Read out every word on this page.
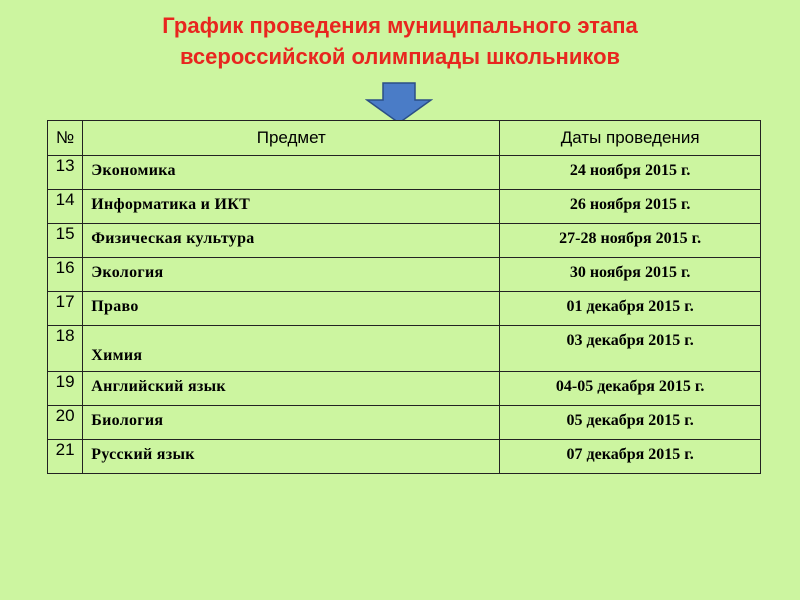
График проведения муниципального этапа
всероссийской олимпиады школьников
№	Предмет	Даты проведения
13	Экономика	24 ноября 2015 г.
14	Информатика и ИКТ	26 ноября 2015 г.
15	Физическая культура	27-28 ноября 2015 г.
16	Экология	30 ноября 2015 г.
17	Право	01 декабря 2015 г.
18	Химия	03 декабря 2015 г.
19	Английский язык	04-05 декабря 2015 г.
20	Биология	05 декабря 2015 г.
21	Русский язык	07 декабря 2015 г.
